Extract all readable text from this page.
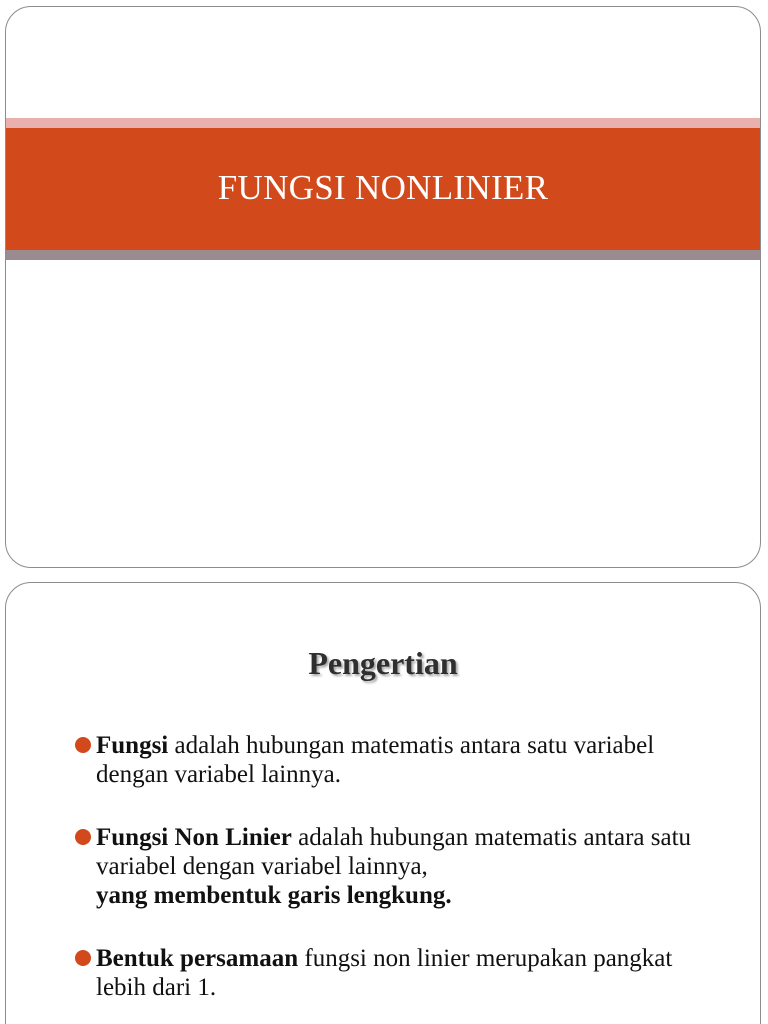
FUNGSI NONLINIER
Pengertian
Fungsi adalah hubungan matematis antara satu variabel dengan variabel lainnya.
Fungsi Non Linier adalah hubungan matematis antara satu variabel dengan variabel lainnya,
yang membentuk garis lengkung.
Bentuk persamaan fungsi non linier merupakan pangkat lebih dari 1.
